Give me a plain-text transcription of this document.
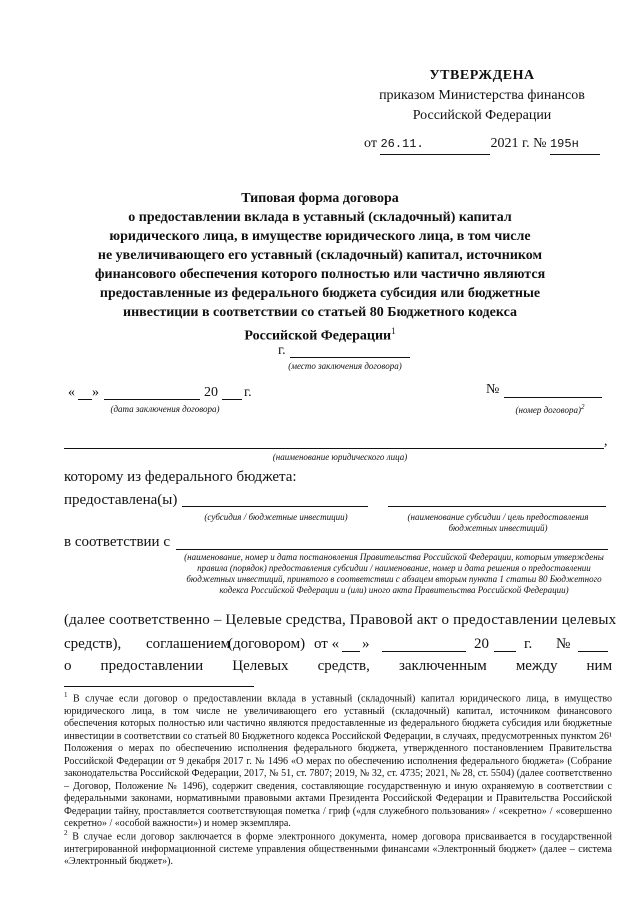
УТВЕРЖДЕНА
приказом Министерства финансов
Российской Федерации
от 26.11.	2021 г. № 195н
Типовая форма договора
о предоставлении вклада в уставный (складочный) капитал
юридического лица, в имуществе юридического лица, в том числе
не увеличивающего его уставный (складочный) капитал, источником
финансового обеспечения которого полностью или частично являются
предоставленные из федерального бюджета субсидия или бюджетные
инвестиции в соответствии со статьей 80 Бюджетного кодекса
Российской Федерации$^1$
г.
(место заключения договора)
« »	20 г.
(дата заключения договора)
№
(номер договора)$^2$
,
(наименование юридического лица)
которому из федерального бюджета:
предоставлена(ы)
(субсидия / бюджетные инвестиции)	(наименование субсидии / цель предоставления бюджетных инвестиций)
в соответствии с
(наименование, номер и дата постановления Правительства Российской Федерации, которым утверждены правила (порядок) предоставления субсидии / наименование, номер и дата решения о предоставлении бюджетных инвестиций, принятого в соответствии с абзацем вторым пункта 1 статьи 80 Бюджетного кодекса Российской Федерации и (или) иного акта Правительства Российской Федерации)
(далее соответственно – Целевые средства, Правовой акт о предоставлении целевых
средств), соглашением
(договором) от « »	20 г. №
о предоставлении Целевых средств, заключенным между ним
$^1$ В случае если договор о предоставлении вклада в уставный (складочный) капитал юридического лица, в имущество юридического лица, в том числе не увеличивающего его уставный (складочный) капитал, источником финансового обеспечения которых полностью или частично являются предоставленные из федерального бюджета субсидия или бюджетные инвестиции в соответствии со статьей 80 Бюджетного кодекса Российской Федерации, в случаях, предусмотренных пунктом 26¹ Положения о мерах по обеспечению исполнения федерального бюджета, утвержденного постановлением Правительства Российской Федерации от 9 декабря 2017 г. № 1496 «О мерах по обеспечению исполнения федерального бюджета» (Собрание законодательства Российской Федерации, 2017, № 51, ст. 7807; 2019, № 32, ст. 4735; 2021, № 28, ст. 5504) (далее соответственно – Договор, Положение № 1496), содержит сведения, составляющие государственную и иную охраняемую в соответствии с федеральными законами, нормативными правовыми актами Президента Российской Федерации и Правительства Российской Федерации тайну, проставляется соответствующая пометка / гриф («для служебного пользования» / «секретно» / «совершенно секретно» / «особой важности») и номер экземпляра.
$^2$ В случае если договор заключается в форме электронного документа, номер договора присваивается в государственной интегрированной информационной системе управления общественными финансами «Электронный бюджет» (далее – система «Электронный бюджет»).
